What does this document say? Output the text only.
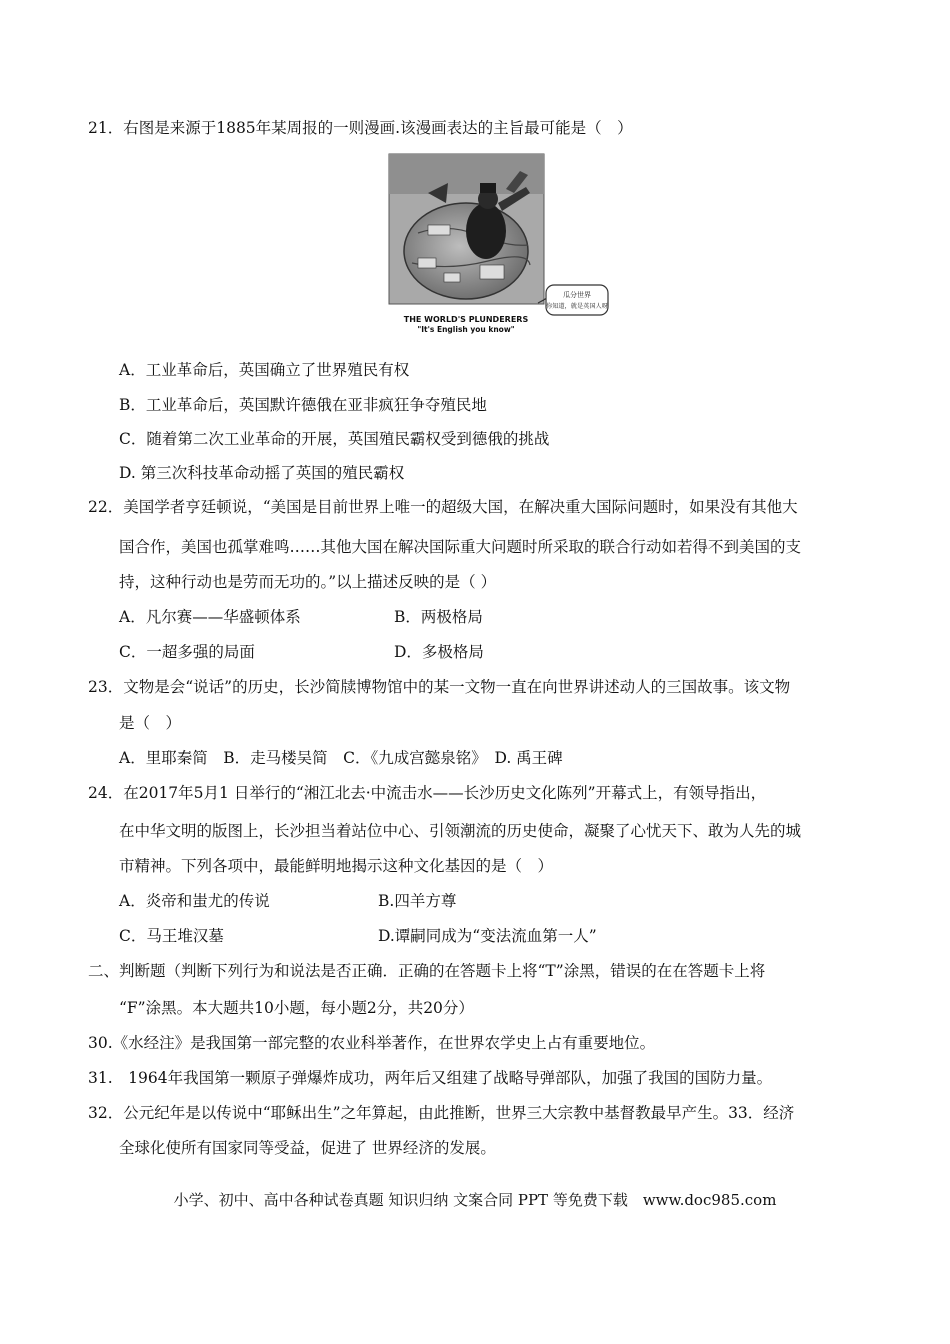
21．右图是来源于1885年某周报的一则漫画.该漫画表达的主旨最可能是（　）
瓜分世界
你知道，就是英国人呀
THE WORLD'S PLUNDERERS
"It's English you know"
A．工业革命后，英国确立了世界殖民有权
B．工业革命后，英国默许德俄在亚非疯狂争夺殖民地
C．随着第二次工业革命的开展，英国殖民霸权受到德俄的挑战
D. 第三次科技革命动摇了英国的殖民霸权
22．美国学者亨廷顿说，“美国是目前世界上唯一的超级大国，在解决重大国际问题时，如果没有其他大
国合作，美国也孤掌难鸣……其他大国在解决国际重大问题时所采取的联合行动如若得不到美国的支
持，这种行动也是劳而无功的。”以上描述反映的是（ ）
A．凡尔赛——华盛顿体系	B．两极格局
C．一超多强的局面	D．多极格局
23．文物是会“说话”的历史，长沙简牍博物馆中的某一文物一直在向世界讲述动人的三国故事。该文物
是（　）
A．里耶秦简　B．走马楼吴简　C．《九成宫懿泉铭》　D. 禹王碑
24．在2017年5月1 日举行的“湘江北去·中流击水——长沙历史文化陈列”开幕式上，有领导指出，
在中华文明的版图上，长沙担当着站位中心、引领潮流的历史使命，凝聚了心忧天下、敢为人先的城
市精神。下列各项中，最能鲜明地揭示这种文化基因的是（　）
A．炎帝和蚩尤的传说	B.四羊方尊
C．马王堆汉墓	D.谭嗣同成为“变法流血第一人”
二、判断题（判断下列行为和说法是否正确．正确的在答题卡上将“T”涂黑，错误的在在答题卡上将
“F”涂黑。本大题共10小题，每小题2分，共20分）
30.《水经注》是我国第一部完整的农业科举著作，在世界农学史上占有重要地位。
31.　1964年我国第一颗原子弹爆炸成功，两年后又组建了战略导弹部队，加强了我国的国防力量。
32．公元纪年是以传说中“耶稣出生”之年算起，由此推断，世界三大宗教中基督教最早产生。33．经济
全球化使所有国家同等受益，促进了 世界经济的发展。
小学、初中、高中各种试卷真题 知识归纳 文案合同 PPT 等免费下载　www.doc985.com
